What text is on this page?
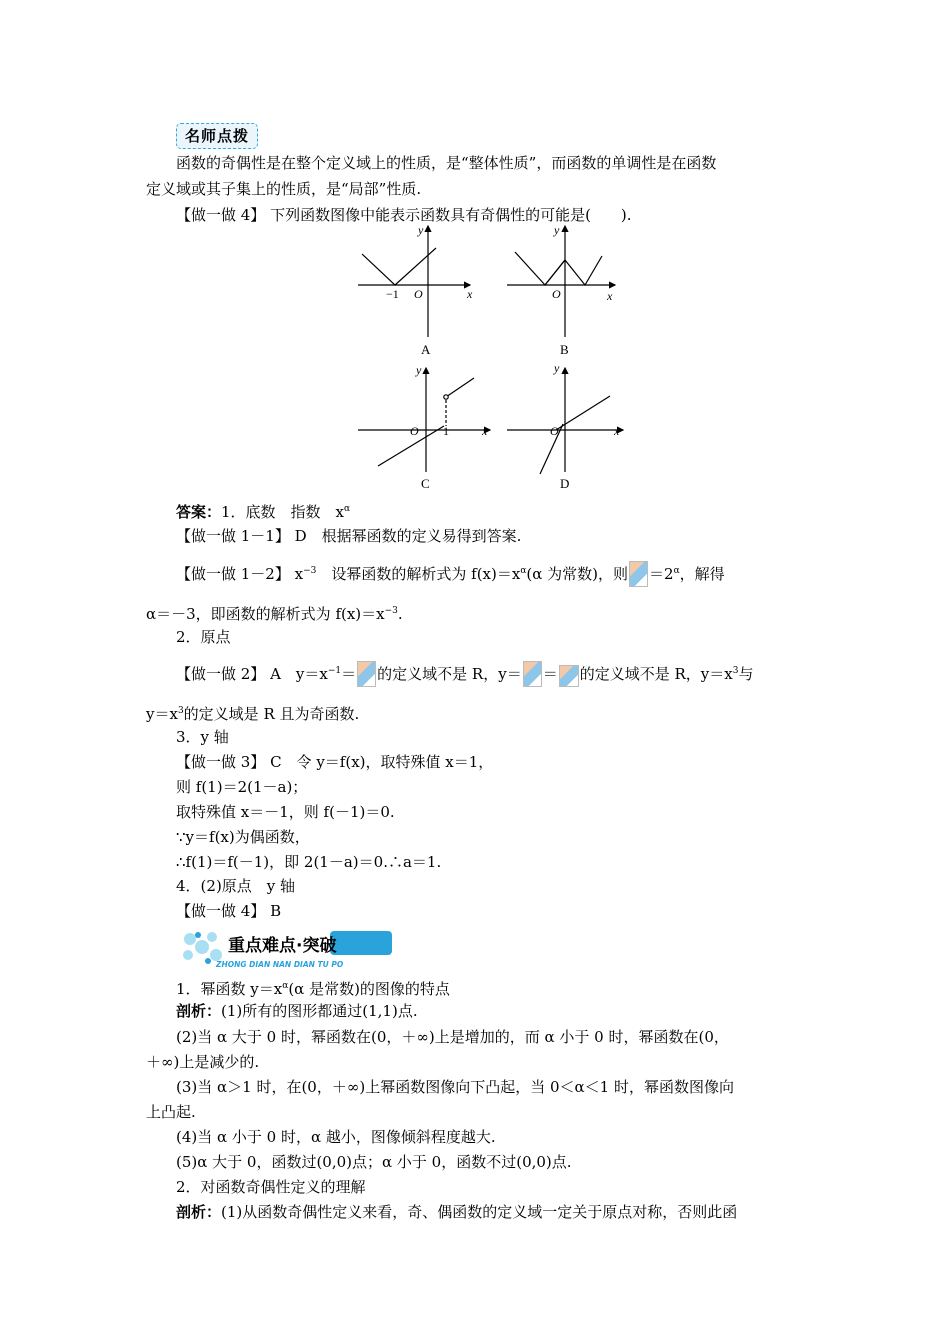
名师点拨
函数的奇偶性是在整个定义域上的性质，是“整体性质”，而函数的单调性是在函数
定义域或其子集上的性质，是“局部”性质.
【做一做 4】 下列函数图像中能表示函数具有奇偶性的可能是(　　).
y
x
O
−1
A
y
x
O
B
y
x
O 1
C
y
x
O
D
答案：1．底数　指数　$x^\alpha$
【做一做 1－1】 D　根据幂函数的定义易得到答案.
【做一做 1－2】 $x^{-3}$　设幂函数的解析式为 $f(x)=x^\alpha(\alpha$ 为常数)，则 $=2^\alpha$，解得
α＝－3，即函数的解析式为 $f(x)=x^{-3}$.
2．原点
【做一做 2】 A　$y=x^{-1}=$ 的定义域不是 R，y＝ ＝ 的定义域不是 R，$y=x^3$与
$y=x^3$的定义域是 R 且为奇函数.
3．y 轴
【做一做 3】 C　令 y＝f(x)，取特殊值 x＝1，
则 f(1)＝2(1－a)；
取特殊值 x＝－1，则 f(－1)＝0.
∵y＝f(x)为偶函数，
∴f(1)＝f(－1)，即 2(1－a)＝0.∴a＝1.
4．(2)原点　y 轴
【做一做 4】 B
重点难点·突破
ZHONG DIAN NAN DIAN TU PO
1．幂函数 $y=x^\alpha(\alpha$ 是常数)的图像的特点
剖析：(1)所有的图形都通过(1,1)点.
(2)当 α 大于 0 时，幂函数在(0，＋∞)上是增加的，而 α 小于 0 时，幂函数在(0，
＋∞)上是减少的.
(3)当 α＞1 时，在(0，＋∞)上幂函数图像向下凸起，当 0＜α＜1 时，幂函数图像向
上凸起.
(4)当 α 小于 0 时，α 越小，图像倾斜程度越大.
(5)α 大于 0，函数过(0,0)点；α 小于 0，函数不过(0,0)点.
2．对函数奇偶性定义的理解
剖析：(1)从函数奇偶性定义来看，奇、偶函数的定义域一定关于原点对称，否则此函
